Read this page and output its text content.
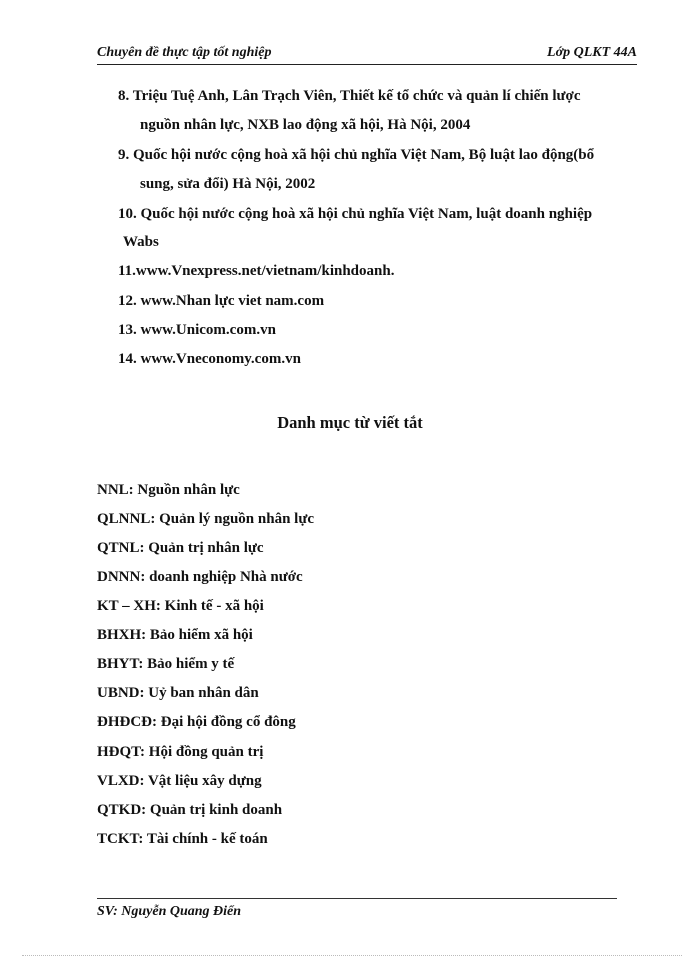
Chuyên đề thực tập tốt nghiệp	Lớp QLKT 44A
8. Triệu Tuệ Anh, Lân Trạch Viên, Thiết kế tổ chức và quản lí chiến lược
nguồn nhân lực, NXB lao động xã hội, Hà Nội, 2004
9. Quốc hội nước cộng hoà xã hội chủ nghĩa Việt Nam, Bộ luật lao động(bổ
sung, sửa đổi) Hà Nội, 2002
10. Quốc hội nước cộng hoà xã hội chủ nghĩa Việt Nam, luật doanh nghiệp
Wabs
11.www.Vnexpress.net/vietnam/kinhdoanh.
12. www.Nhan lực viet nam.com
13. www.Unicom.com.vn
14. www.Vneconomy.com.vn
Danh mục từ viết tắt
NNL: Nguồn nhân lực
QLNNL: Quản lý nguồn nhân lực
QTNL: Quản trị nhân lực
DNNN: doanh nghiệp Nhà nước
KT – XH: Kinh tế - xã hội
BHXH: Bảo hiểm xã hội
BHYT: Bảo hiểm y tế
UBND: Uỷ ban nhân dân
ĐHĐCĐ: Đại hội đồng cổ đông
HĐQT: Hội đồng quản trị
VLXD: Vật liệu xây dựng
QTKD: Quản trị kinh doanh
TCKT: Tài chính - kế toán
SV: Nguyễn Quang Điển
